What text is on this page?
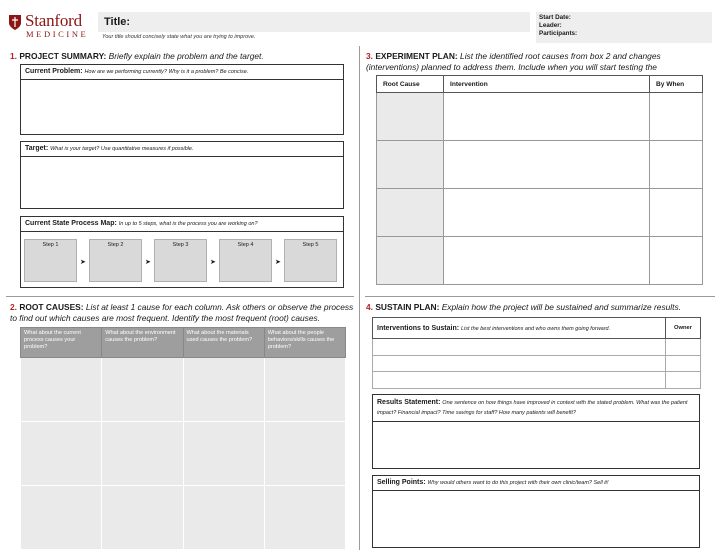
Stanford
MEDICINE
Title:
Your title should concisely state what you are trying to improve.
Start Date:
Leader:
Participants:
1. PROJECT SUMMARY: Briefly explain the problem and the target.
Current Problem: How are we performing currently? Why is it a problem? Be concise.
Target: What is your target? Use quantitative measures if possible.
Current State Process Map: In up to 5 steps, what is the process you are working on?
Step 1
➤
Step 2
➤
Step 3
➤
Step 4
➤
Step 5
2. ROOT CAUSES: List at least 1 cause for each column. Ask others or observe the process to find out which causes are most frequent. Identify the most frequent (root) causes.
What about the current process causes your problem?	What about the environment causes the problem?	What about the materials used causes the problem?	What about the people behaviors/skills causes the problem?

3. EXPERIMENT PLAN: List the identified root causes from box 2 and changes (interventions) planned to address them. Include when you will start testing the
Root Cause	Intervention	By When

4. SUSTAIN PLAN: Explain how the project will be sustained and summarize results.
Interventions to Sustain: List the best interventions and who owns them going forward.	Owner

Results Statement: One sentence on how things have improved in context with the stated problem. What was the patient impact? Financial impact? Time savings for staff? How many patients will benefit?
Selling Points: Why would others want to do this project with their own clinic/team? Sell it!
